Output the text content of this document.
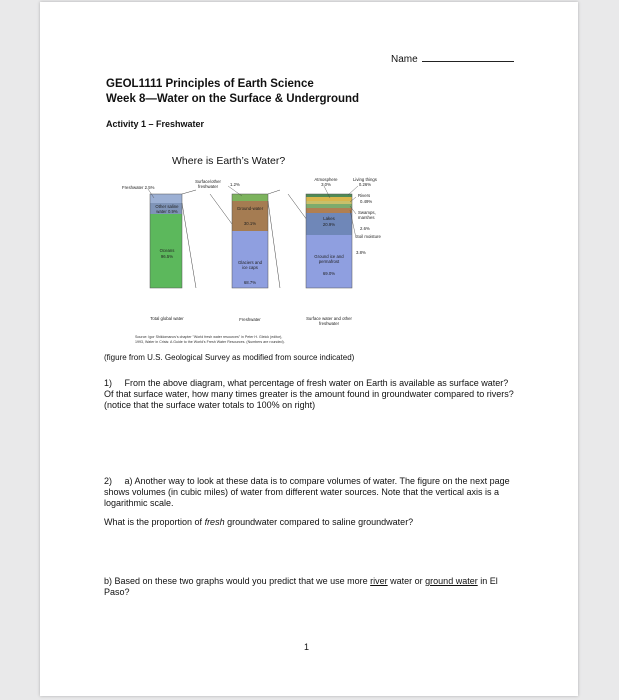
Name
GEOL1111 Principles of Earth Science
Week 8—Water on the Surface & Underground
Activity 1 – Freshwater
Where is Earth’s Water?
Freshwater 2.5%
Other saline water 0.9%
Oceans
96.5%
Total global water
Surface/other freshwater	1.2%
Ground-water
30.1%
Glaciers and ice caps
68.7%
Freshwater
Atmosphere
3.0%
Living things
0.26%
Rivers
0.49%
Swamps, marshes
2.6%
Soil moisture
3.8%
Lakes
20.9%
Ground ice and permafrost
69.0%
Surface water and other freshwater
Source: Igor Shiklomanov's chapter "World fresh water resources" in Peter H. Gleick (editor),
1993, Water in Crisis: A Guide to the World's Fresh Water Resources. (Numbers are rounded).
(figure from U.S. Geological Survey as modified from source indicated)
1) From the above diagram, what percentage of fresh water on Earth is available as surface water? Of that surface water, how many times greater is the amount found in groundwater compared to rivers? (notice that the surface water totals to 100% on right)
2) a) Another way to look at these data is to compare volumes of water. The figure on the next page shows volumes (in cubic miles) of water from different water sources. Note that the vertical axis is a logarithmic scale.
What is the proportion of fresh groundwater compared to saline groundwater?
b) Based on these two graphs would you predict that we use more river water or ground water in El Paso?
1
